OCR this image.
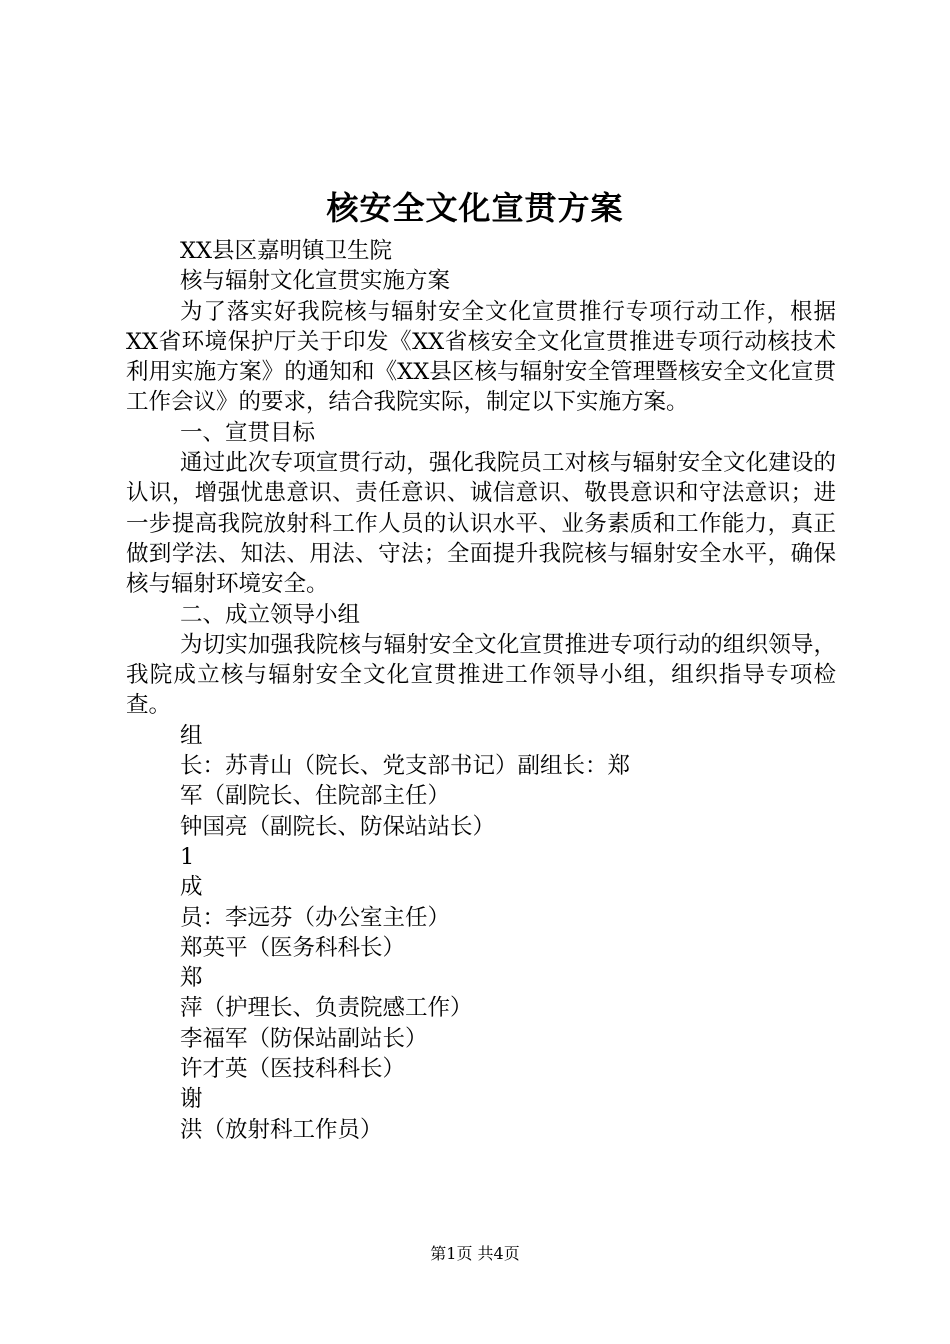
核安全文化宣贯方案

XX县区嘉明镇卫生院

核与辐射文化宣贯实施方案

为了落实好我院核与辐射安全文化宣贯推行专项行动工作，根据XX省环境保护厅关于印发《XX省核安全文化宣贯推进专项行动核技术利用实施方案》的通知和《XX县区核与辐射安全管理暨核安全文化宣贯工作会议》的要求，结合我院实际，制定以下实施方案。

一、宣贯目标

通过此次专项宣贯行动，强化我院员工对核与辐射安全文化建设的认识，增强忧患意识、责任意识、诚信意识、敬畏意识和守法意识；进一步提高我院放射科工作人员的认识水平、业务素质和工作能力，真正做到学法、知法、用法、守法；全面提升我院核与辐射安全水平，确保核与辐射环境安全。

二、成立领导小组

为切实加强我院核与辐射安全文化宣贯推进专项行动的组织领导，我院成立核与辐射安全文化宣贯推进工作领导小组，组织指导专项检查。

组

长：苏青山（院长、党支部书记）副组长：郑

军（副院长、住院部主任）

钟国亮（副院长、防保站站长）

1

成

员：李远芬（办公室主任）

郑英平（医务科科长）

郑

萍（护理长、负责院感工作）

李福军（防保站副站长）

许才英（医技科科长）

谢

洪（放射科工作员）

第1页 共4页
